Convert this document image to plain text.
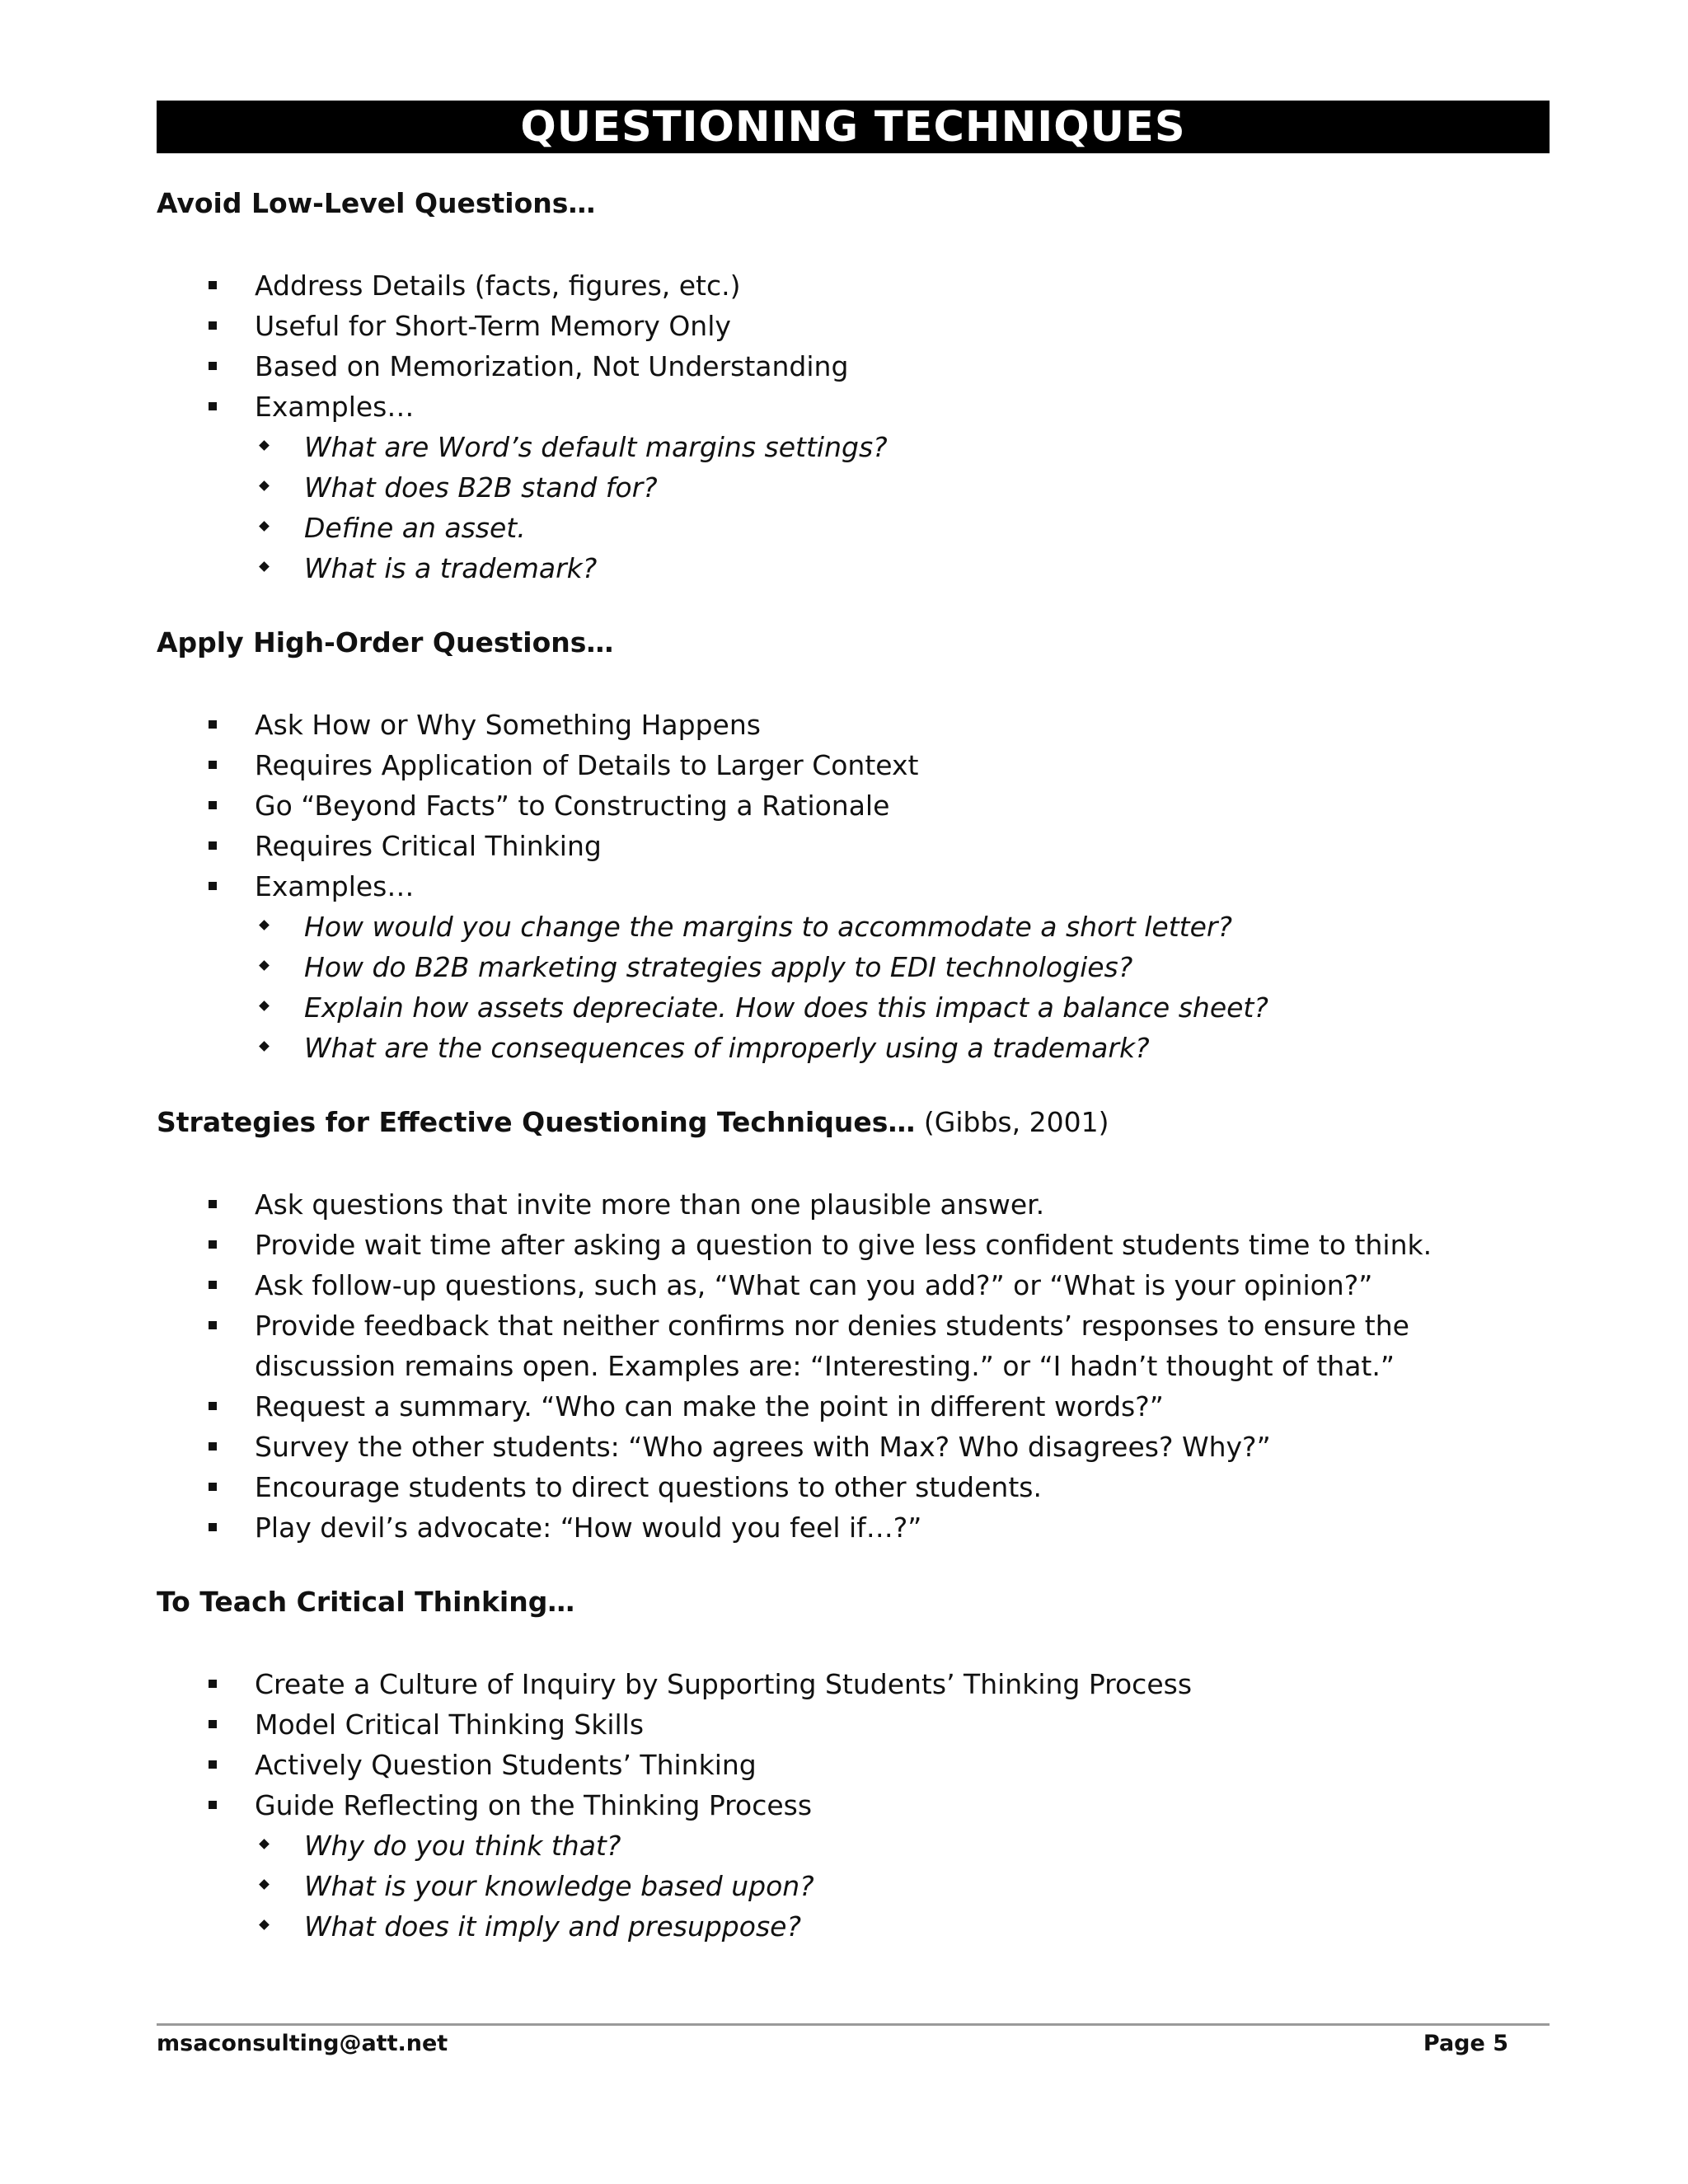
QUESTIONING TECHNIQUES
Avoid Low-Level Questions…
Address Details (facts, figures, etc.)
Useful for Short-Term Memory Only
Based on Memorization, Not Understanding
Examples…
What are Word’s default margins settings?
What does B2B stand for?
Define an asset.
What is a trademark?
Apply High-Order Questions…
Ask How or Why Something Happens
Requires Application of Details to Larger Context
Go “Beyond Facts” to Constructing a Rationale
Requires Critical Thinking
Examples…
How would you change the margins to accommodate a short letter?
How do B2B marketing strategies apply to EDI technologies?
Explain how assets depreciate. How does this impact a balance sheet?
What are the consequences of improperly using a trademark?
Strategies for Effective Questioning Techniques… (Gibbs, 2001)
Ask questions that invite more than one plausible answer.
Provide wait time after asking a question to give less confident students time to think.
Ask follow-up questions, such as, “What can you add?” or “What is your opinion?”
Provide feedback that neither confirms nor denies students’ responses to ensure the discussion remains open. Examples are: “Interesting.” or “I hadn’t thought of that.”
Request a summary. “Who can make the point in different words?”
Survey the other students: “Who agrees with Max? Who disagrees? Why?”
Encourage students to direct questions to other students.
Play devil’s advocate: “How would you feel if…?”
To Teach Critical Thinking…
Create a Culture of Inquiry by Supporting Students’ Thinking Process
Model Critical Thinking Skills
Actively Question Students’ Thinking
Guide Reflecting on the Thinking Process
Why do you think that?
What is your knowledge based upon?
What does it imply and presuppose?
msaconsulting@att.net	Page 5
